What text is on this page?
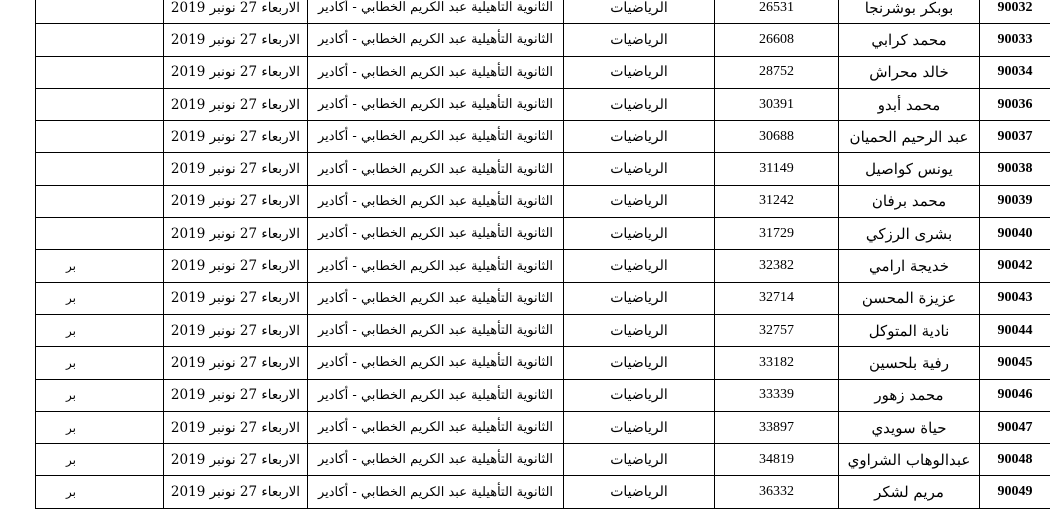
90032	بوبكر بوشرنجا	26531	الرياضيات	الثانوية التأهيلية عبد الكريم الخطابي - أكادير	الاربعاء 27 نونبر 2019	
90033	محمد كرابي	26608	الرياضيات	الثانوية التأهيلية عبد الكريم الخطابي - أكادير	الاربعاء 27 نونبر 2019	
90034	خالد محراش	28752	الرياضيات	الثانوية التأهيلية عبد الكريم الخطابي - أكادير	الاربعاء 27 نونبر 2019	
90036	محمد أبدو	30391	الرياضيات	الثانوية التأهيلية عبد الكريم الخطابي - أكادير	الاربعاء 27 نونبر 2019	
90037	عبد الرحيم الحميان	30688	الرياضيات	الثانوية التأهيلية عبد الكريم الخطابي - أكادير	الاربعاء 27 نونبر 2019	
90038	يونس كواصيل	31149	الرياضيات	الثانوية التأهيلية عبد الكريم الخطابي - أكادير	الاربعاء 27 نونبر 2019	
90039	محمد برفان	31242	الرياضيات	الثانوية التأهيلية عبد الكريم الخطابي - أكادير	الاربعاء 27 نونبر 2019	
90040	بشرى الرزكي	31729	الرياضيات	الثانوية التأهيلية عبد الكريم الخطابي - أكادير	الاربعاء 27 نونبر 2019	
90042	خديجة ارامي	32382	الرياضيات	الثانوية التأهيلية عبد الكريم الخطابي - أكادير	الاربعاء 27 نونبر 2019	بر
90043	عزيزة المحسن	32714	الرياضيات	الثانوية التأهيلية عبد الكريم الخطابي - أكادير	الاربعاء 27 نونبر 2019	بر
90044	نادية المتوكل	32757	الرياضيات	الثانوية التأهيلية عبد الكريم الخطابي - أكادير	الاربعاء 27 نونبر 2019	بر
90045	رفية بلحسين	33182	الرياضيات	الثانوية التأهيلية عبد الكريم الخطابي - أكادير	الاربعاء 27 نونبر 2019	بر
90046	محمد زهور	33339	الرياضيات	الثانوية التأهيلية عبد الكريم الخطابي - أكادير	الاربعاء 27 نونبر 2019	بر
90047	حياة سويدي	33897	الرياضيات	الثانوية التأهيلية عبد الكريم الخطابي - أكادير	الاربعاء 27 نونبر 2019	بر
90048	عبدالوهاب الشراوي	34819	الرياضيات	الثانوية التأهيلية عبد الكريم الخطابي - أكادير	الاربعاء 27 نونبر 2019	بر
90049	مريم لشكر	36332	الرياضيات	الثانوية التأهيلية عبد الكريم الخطابي - أكادير	الاربعاء 27 نونبر 2019	بر
